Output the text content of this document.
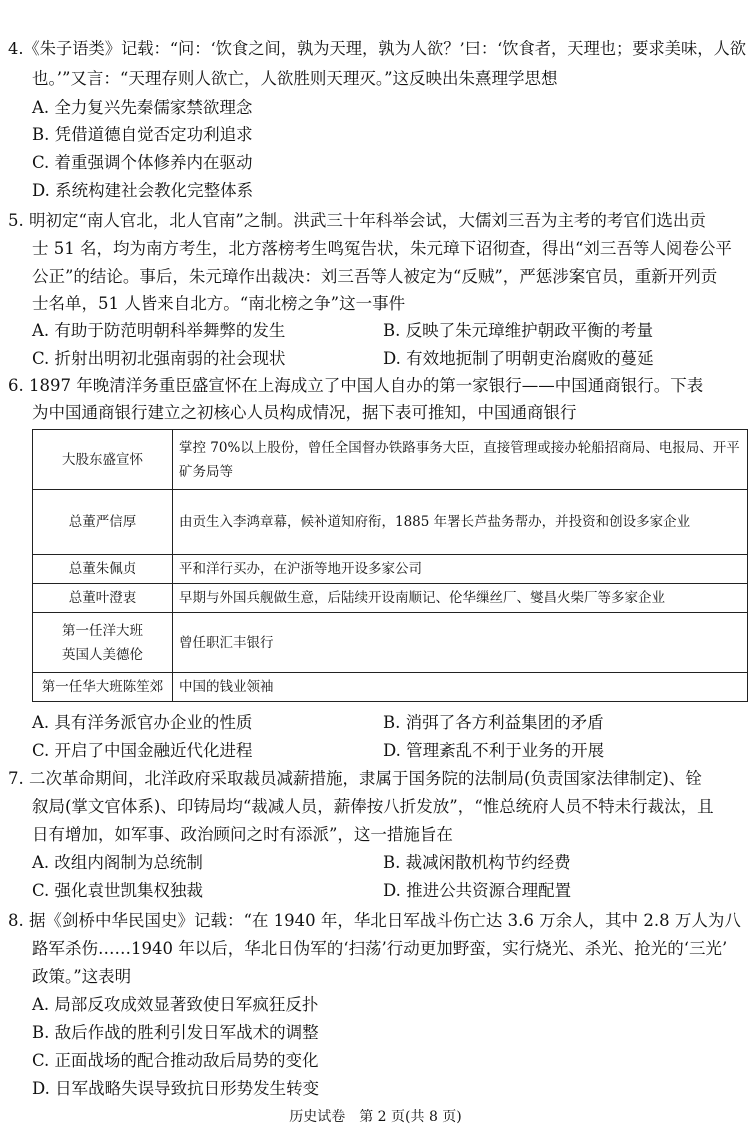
4.《朱子语类》记载：“问：‘饮食之间，孰为天理，孰为人欲？’曰：‘饮食者，天理也；要求美味，人欲
也。’”又言：“天理存则人欲亡，人欲胜则天理灭。”这反映出朱熹理学思想
A. 全力复兴先秦儒家禁欲理念
B. 凭借道德自觉否定功利追求
C. 着重强调个体修养内在驱动
D. 系统构建社会教化完整体系
5. 明初定“南人官北，北人官南”之制。洪武三十年科举会试，大儒刘三吾为主考的考官们选出贡
士 51 名，均为南方考生，北方落榜考生鸣冤告状，朱元璋下诏彻查，得出“刘三吾等人阅卷公平
公正”的结论。事后，朱元璋作出裁决：刘三吾等人被定为“反贼”，严惩涉案官员，重新开列贡
士名单，51 人皆来自北方。“南北榜之争”这一事件
A. 有助于防范明朝科举舞弊的发生	B. 反映了朱元璋维护朝政平衡的考量
C. 折射出明初北强南弱的社会现状	D. 有效地扼制了明朝吏治腐败的蔓延
6. 1897 年晚清洋务重臣盛宣怀在上海成立了中国人自办的第一家银行——中国通商银行。下表
为中国通商银行建立之初核心人员构成情况，据下表可推知，中国通商银行
大股东盛宣怀	掌控 70%以上股份，曾任全国督办铁路事务大臣，直接管理或接办轮船招商局、电报局、开平矿务局等
总董严信厚	由贡生入李鸿章幕，候补道知府衔，1885 年署长芦盐务帮办，并投资和创设多家企业
总董朱佩贞	平和洋行买办，在沪浙等地开设多家公司
总董叶澄衷	早期与外国兵舰做生意，后陆续开设南顺记、伦华缫丝厂、燮昌火柴厂等多家企业
第一任洋大班
英国人美德伦	曾任职汇丰银行
第一任华大班陈笙郊	中国的钱业领袖
A. 具有洋务派官办企业的性质	B. 消弭了各方利益集团的矛盾
C. 开启了中国金融近代化进程	D. 管理紊乱不利于业务的开展
7. 二次革命期间，北洋政府采取裁员减薪措施，隶属于国务院的法制局(负责国家法律制定)、铨
叙局(掌文官体系)、印铸局均“裁减人员，薪俸按八折发放”，“惟总统府人员不特未行裁汰，且
日有增加，如军事、政治顾问之时有添派”，这一措施旨在
A. 改组内阁制为总统制	B. 裁减闲散机构节约经费
C. 强化袁世凯集权独裁	D. 推进公共资源合理配置
8. 据《剑桥中华民国史》记载：“在 1940 年，华北日军战斗伤亡达 3.6 万余人，其中 2.8 万人为八
路军杀伤……1940 年以后，华北日伪军的‘扫荡’行动更加野蛮，实行烧光、杀光、抢光的‘三光’
政策。”这表明
A. 局部反攻成效显著致使日军疯狂反扑
B. 敌后作战的胜利引发日军战术的调整
C. 正面战场的配合推动敌后局势的变化
D. 日军战略失误导致抗日形势发生转变
历史试卷　第 2 页(共 8 页)
